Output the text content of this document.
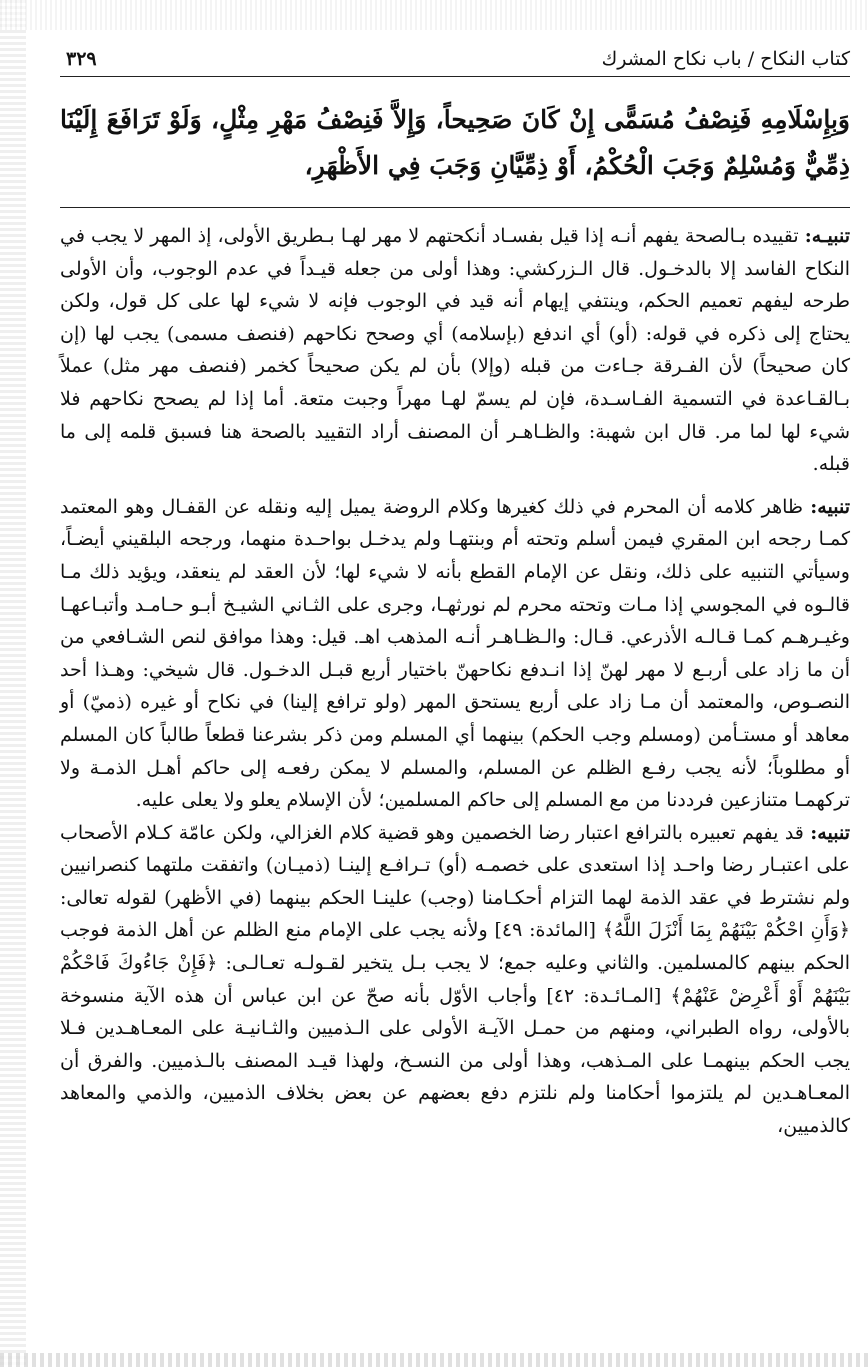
كتاب النكاح / باب نكاح المشرك
٣٢٩
وَبِإِسْلَامِهِ فَنِصْفُ مُسَمًّى إِنْ كَانَ صَحِيحاً، وَإِلاَّ فَنِصْفُ مَهْرِ مِثْلٍ، وَلَوْ تَرَافَعَ إِلَيْنَا ذِمِّيٌّ وَمُسْلِمٌ وَجَبَ الْحُكْمُ، أَوْ ذِمِّيَّانِ وَجَبَ فِي الأَظْهَرِ،

تنبيـه: تقييده بـالصحة يفهم أنـه إذا قيل بفسـاد أنكحتهم لا مهر لهـا بـطريق الأولى، إذ المهر لا يجب في النكاح الفاسد إلا بالدخـول. قال الـزركشي: وهذا أولى من جعله قيـداً في عدم الوجوب، وأن الأولى طرحه ليفهم تعميم الحكم، وينتفي إيهام أنه قيد في الوجوب فإنه لا شيء لها على كل قول، ولكن يحتاج إلى ذكره في قوله: (أو) أي اندفع (بإسلامه) أي وصحح نكاحهم (فنصف مسمى) يجب لها (إن كان صحيحاً) لأن الفـرقة جـاءت من قبله (وإلا) بأن لم يكن صحيحاً كخمر (فنصف مهر مثل) عملاً بـالقـاعدة في التسمية الفـاسـدة، فإن لم يسمّ لهـا مهراً وجبت متعة. أما إذا لم يصحح نكاحهم فلا شيء لها لما مر. قال ابن شهبة: والظـاهـر أن المصنف أراد التقييد بالصحة هنا فسبق قلمه إلى ما قبله.

تنبيه: ظاهر كلامه أن المحرم في ذلك كغيرها وكلام الروضة يميل إليه ونقله عن القفـال وهو المعتمد كمـا رجحه ابن المقري فيمن أسلم وتحته أم وبنتهـا ولم يدخـل بواحـدة منهما، ورجحه البلقيني أيضـاً، وسيأتي التنبيه على ذلك، ونقل عن الإمام القطع بأنه لا شيء لها؛ لأن العقد لم ينعقد، ويؤيد ذلك مـا قالـوه في المجوسي إذا مـات وتحته محرم لم نورثهـا، وجرى على الثـاني الشيـخ أبـو حـامـد وأتبـاعهـا وغيـرهـم كمـا قـالـه الأذرعي. قـال: والـظـاهـر أنـه المذهب اهـ. قيل: وهذا موافق لنص الشـافعي من أن ما زاد على أربـع لا مهر لهنّ إذا انـدفع نكاحهنّ باختيار أربع قبـل الدخـول. قال شيخي: وهـذا أحد النصـوص، والمعتمد أن مـا زاد على أربع يستحق المهر (ولو ترافع إلينا) في نكاح أو غيره (ذميّ) أو معاهد أو مستـأمن (ومسلم وجب الحكم) بينهما أي المسلم ومن ذكر بشرعنا قطعاً طالباً كان المسلم أو مطلوباً؛ لأنه يجب رفـع الظلم عن المسلم، والمسلم لا يمكن رفعـه إلى حاكم أهـل الذمـة ولا تركهمـا متنازعين فرددنا من مع المسلم إلى حاكم المسلمين؛ لأن الإسلام يعلو ولا يعلى عليه.

تنبيه: قد يفهم تعبيره بالترافع اعتبار رضا الخصمين وهو قضية كلام الغزالي، ولكن عامّة كـلام الأصحاب على اعتبـار رضا واحـد إذا استعدى على خصمـه (أو) تـرافـع إلينـا (ذميـان) واتفقت ملتهما كنصرانيين ولم نشترط في عقد الذمة لهما التزام أحكـامنا (وجب) علينـا الحكم بينهما (في الأظهر) لقوله تعالى: ﴿وَأَنِ احْكُمْ بَيْنَهُمْ بِمَا أَنْزَلَ اللَّهُ﴾ [المائدة: ٤٩] ولأنه يجب على الإمام منع الظلم عن أهل الذمة فوجب الحكم بينهم كالمسلمين. والثاني وعليه جمع؛ لا يجب بـل يتخير لقـولـه تعـالـى: ﴿فَإِنْ جَاءُوكَ فَاحْكُمْ بَيْنَهُمْ أَوْ أَعْرِضْ عَنْهُمْ﴾ [المـائـدة: ٤٢] وأجاب الأوّل بأنه صحّ عن ابن عباس أن هذه الآية منسوخة بالأولى، رواه الطبراني، ومنهم من حمـل الآيـة الأولى على الـذميين والثـانيـة على المعـاهـدين فـلا يجب الحكم بينهمـا على المـذهب، وهذا أولى من النسـخ، ولهذا قيـد المصنف بالـذميين. والفرق أن المعـاهـدين لم يلتزموا أحكامنا ولم نلتزم دفع بعضهم عن بعض بخلاف الذميين، والذمي والمعاهد كالذميين،
